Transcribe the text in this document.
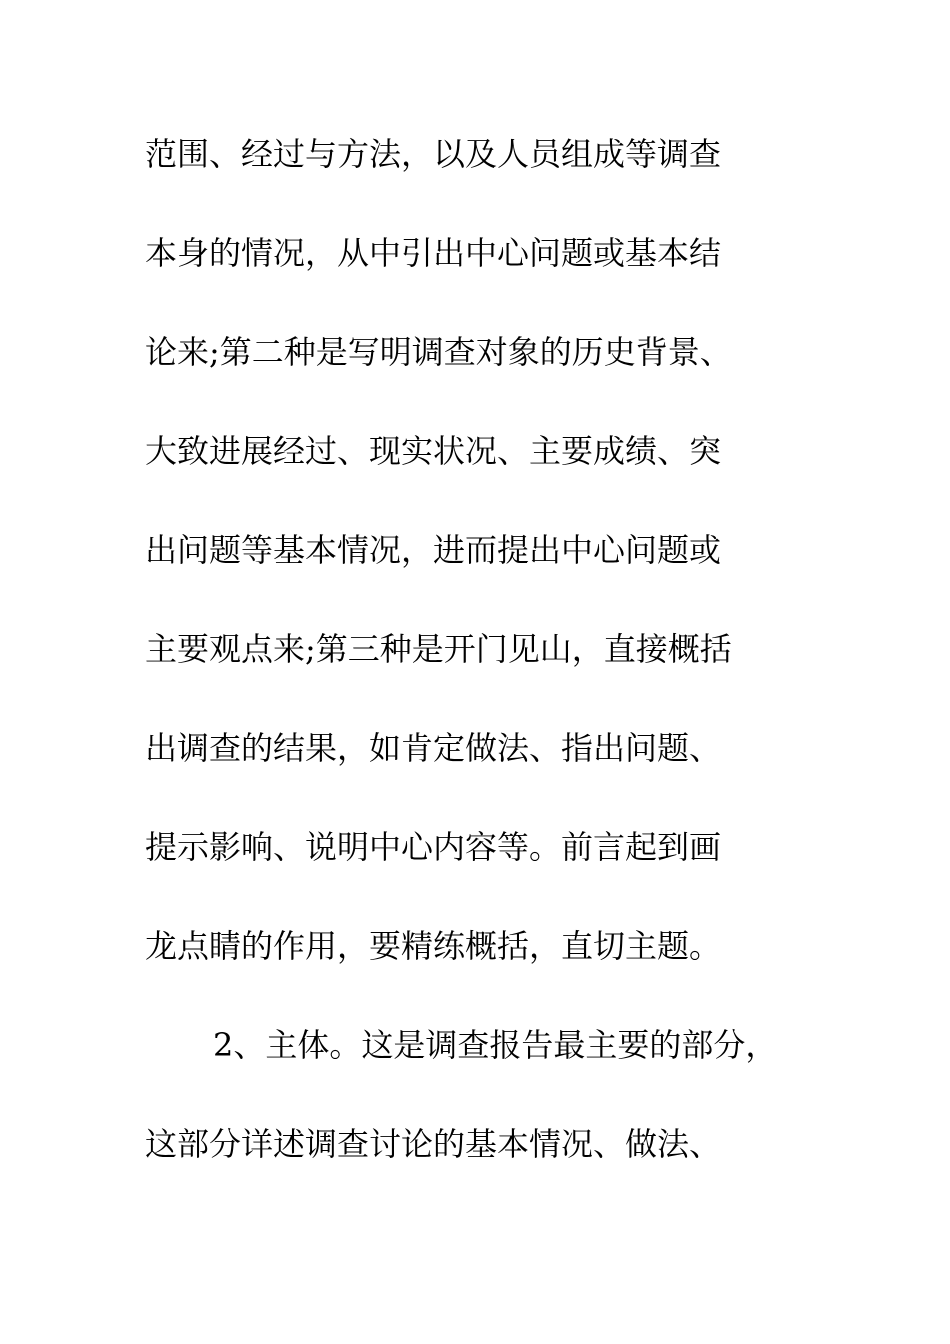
范围、经过与方法，以及人员组成等调查
本身的情况，从中引出中心问题或基本结
论来;第二种是写明调查对象的历史背景、
大致进展经过、现实状况、主要成绩、突
出问题等基本情况，进而提出中心问题或
主要观点来;第三种是开门见山，直接概括
出调查的结果，如肯定做法、指出问题、
提示影响、说明中心内容等。前言起到画
龙点睛的作用，要精练概括，直切主题。
2、主体。这是调查报告最主要的部分，
这部分详述调查讨论的基本情况、做法、
